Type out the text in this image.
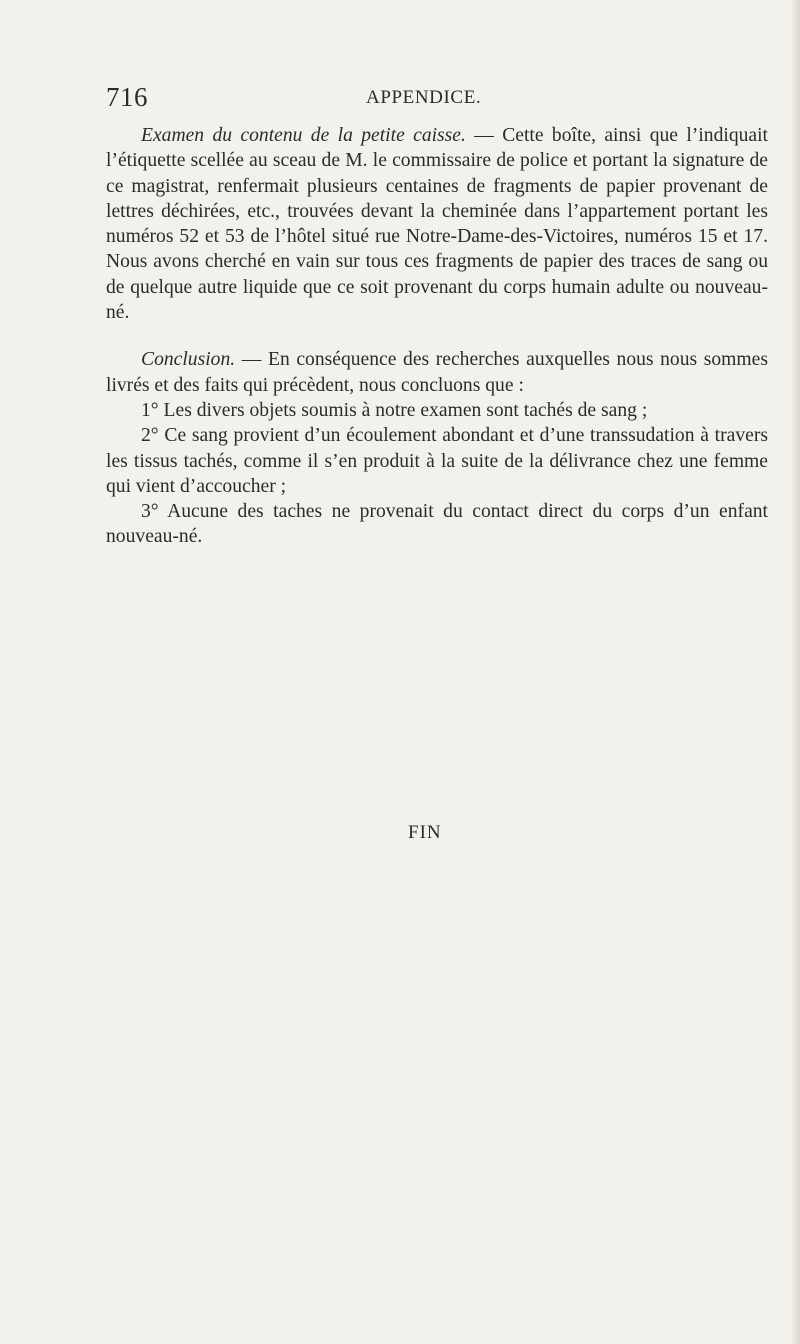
716	APPENDICE.

Examen du contenu de la petite caisse. — Cette boîte, ainsi que l’indiquait l’étiquette scellée au sceau de M. le commissaire de police et portant la signature de ce magistrat, renfermait plusieurs centaines de fragments de papier provenant de lettres déchirées, etc., trouvées devant la cheminée dans l’appartement portant les numéros 52 et 53 de l’hôtel situé rue Notre-Dame-des-Victoires, numéros 15 et 17. Nous avons cherché en vain sur tous ces fragments de papier des traces de sang ou de quelque autre liquide que ce soit provenant du corps humain adulte ou nouveau-né.

Conclusion. — En conséquence des recherches auxquelles nous nous sommes livrés et des faits qui précèdent, nous concluons que :

1° Les divers objets soumis à notre examen sont tachés de sang ;

2° Ce sang provient d’un écoulement abondant et d’une transsudation à travers les tissus tachés, comme il s’en produit à la suite de la délivrance chez une femme qui vient d’accoucher ;

3° Aucune des taches ne provenait du contact direct du corps d’un enfant nouveau-né.

FIN
